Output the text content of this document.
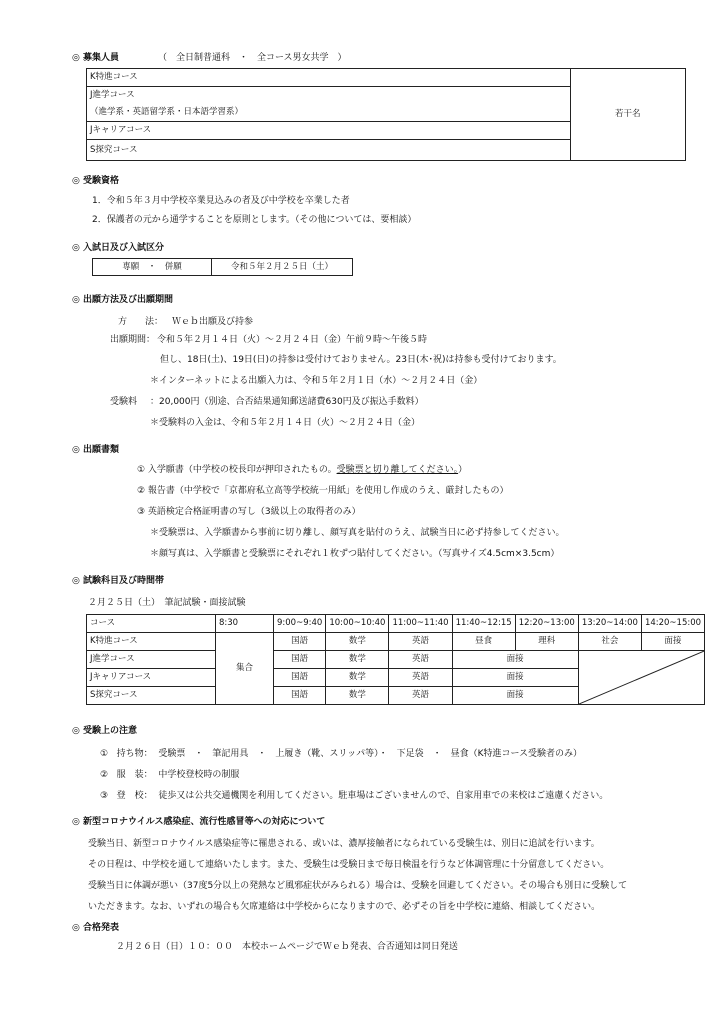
◎ 募集人員	（　全日制普通科　・　全コース男女共学　）
K特進コース	若干名
J進学コース
（進学系・英語留学系・日本語学習系）
Jキャリアコース
S探究コース
◎ 受験資格
1．令和５年３月中学校卒業見込みの者及び中学校を卒業した者
2．保護者の元から通学することを原則とします。（その他については、要相談）
◎ 入試日及び入試区分
専願　・　併願	令和５年２月２５日（土）
◎ 出願方法及び出願期間
方　　法： Ｗｅｂ出願及び持参
出願期間： 令和５年２月１４日（火）～２月２４日（金）午前９時～午後５時
但し、18日(土)、19日(日)の持参は受付けておりません。23日(木･祝)は持参も受付けております。
＊インターネットによる出願入力は、令和５年２月１日（水）～２月２４日（金）
受験料 ：20,000円（別途、合否結果通知郵送諸費630円及び振込手数料）
＊受験料の入金は、令和５年２月１４日（火）～２月２４日（金）
◎ 出願書類
① 入学願書（中学校の校長印が押印されたもの。受験票と切り離してください。）
② 報告書（中学校で「京都府私立高等学校統一用紙」を使用し作成のうえ、厳封したもの）
③ 英語検定合格証明書の写し（3級以上の取得者のみ）
＊受験票は、入学願書から事前に切り離し、顔写真を貼付のうえ、試験当日に必ず持参してください。
＊顔写真は、入学願書と受験票にそれぞれ１枚ずつ貼付してください。（写真サイズ4.5cm×3.5cm）
◎ 試験科目及び時間帯
２月２５日（土）　筆記試験・面接試験
コース	8:30	9:00~9:40	10:00~10:40	11:00~11:40	11:40~12:15	12:20~13:00	13:20~14:00	14:20~15:00
K特進コース	集合	国語	数学	英語	昼食	理科	社会	面接
J進学コース		国語	数学	英語	面接	

Jキャリアコース		国語	数学	英語	面接			
S探究コース		国語	数学	英語	面接			
◎ 受験上の注意
① 持ち物： 受験票　・　筆記用具　・　上履き（靴、スリッパ等）・　下足袋　・　昼食（K特進コース受験者のみ）
② 服　装： 中学校登校時の制服
③ 登　校： 徒歩又は公共交通機関を利用してください。駐車場はございませんので、自家用車での来校はご遠慮ください。
◎ 新型コロナウイルス感染症、流行性感冒等への対応について
受験当日、新型コロナウイルス感染症等に罹患される、或いは、濃厚接触者になられている受験生は、別日に追試を行います。
その日程は、中学校を通して連絡いたします。また、受験生は受験日まで毎日検温を行うなど体調管理に十分留意してください。
受験当日に体調が悪い（37度5分以上の発熱など風邪症状がみられる）場合は、受験を回避してください。その場合も別日に受験して
いただきます。なお、いずれの場合も欠席連絡は中学校からになりますので、必ずその旨を中学校に連絡、相談してください。
◎ 合格発表
２月２６日（日）１０：００　本校ホームページでＷｅｂ発表、合否通知は同日発送
